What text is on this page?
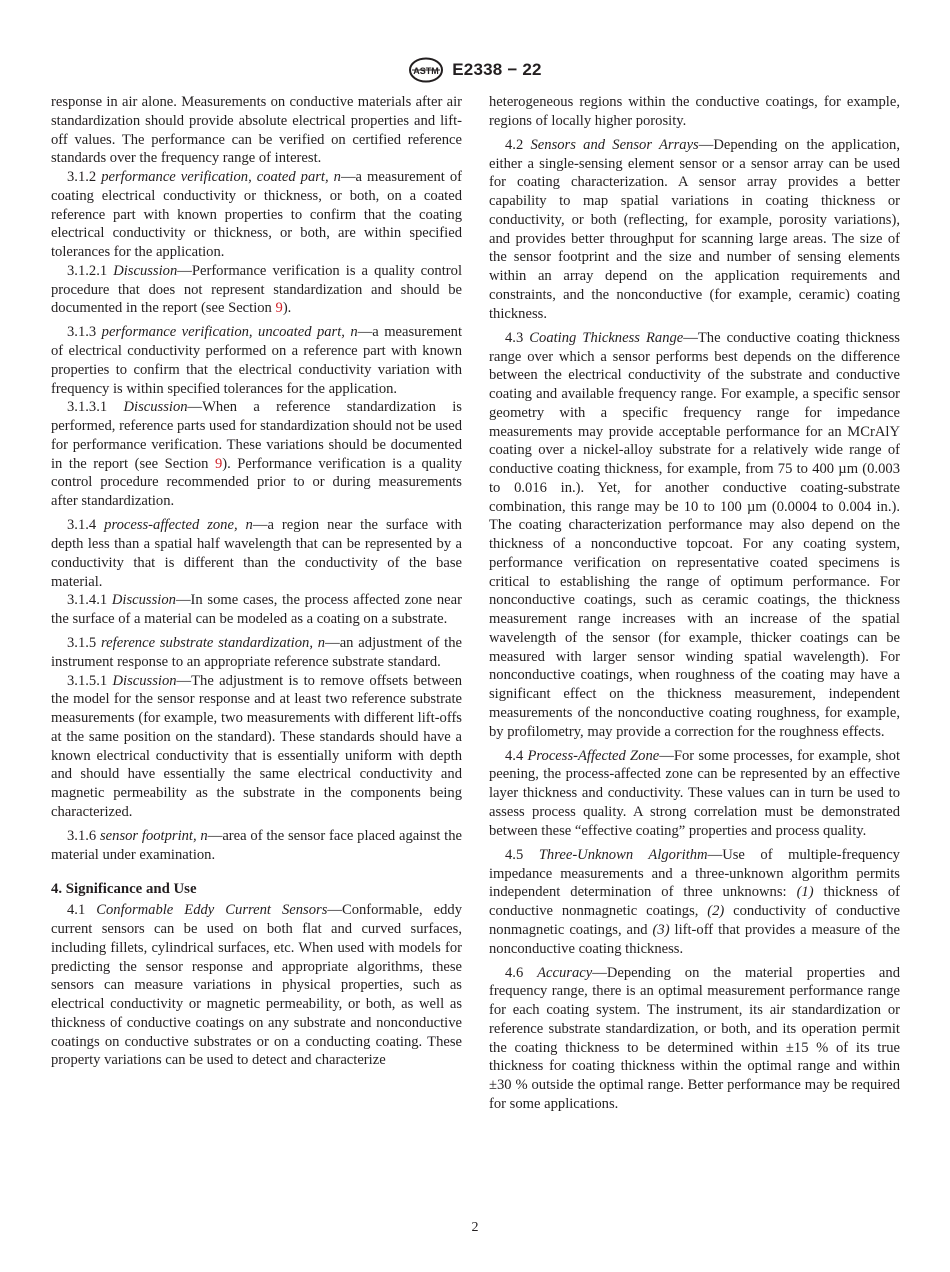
ASTM E2338 − 22

response in air alone. Measurements on conductive materials after air standardization should provide absolute electrical properties and lift-off values. The performance can be verified on certified reference standards over the frequency range of interest.

3.1.2 performance verification, coated part, n—a measurement of coating electrical conductivity or thickness, or both, on a coated reference part with known properties to confirm that the coating electrical conductivity or thickness, or both, are within specified tolerances for the application.

3.1.2.1 Discussion—Performance verification is a quality control procedure that does not represent standardization and should be documented in the report (see Section 9).

3.1.3 performance verification, uncoated part, n—a measurement of electrical conductivity performed on a reference part with known properties to confirm that the electrical conductivity variation with frequency is within specified tolerances for the application.

3.1.3.1 Discussion—When a reference standardization is performed, reference parts used for standardization should not be used for performance verification. These variations should be documented in the report (see Section 9). Performance verification is a quality control procedure recommended prior to or during measurements after standardization.

3.1.4 process-affected zone, n—a region near the surface with depth less than a spatial half wavelength that can be represented by a conductivity that is different than the conductivity of the base material.

3.1.4.1 Discussion—In some cases, the process affected zone near the surface of a material can be modeled as a coating on a substrate.

3.1.5 reference substrate standardization, n—an adjustment of the instrument response to an appropriate reference substrate standard.

3.1.5.1 Discussion—The adjustment is to remove offsets between the model for the sensor response and at least two reference substrate measurements (for example, two measurements with different lift-offs at the same position on the standard). These standards should have a known electrical conductivity that is essentially uniform with depth and should have essentially the same electrical conductivity and magnetic permeability as the substrate in the components being characterized.

3.1.6 sensor footprint, n—area of the sensor face placed against the material under examination.

4. Significance and Use

4.1 Conformable Eddy Current Sensors—Conformable, eddy current sensors can be used on both flat and curved surfaces, including fillets, cylindrical surfaces, etc. When used with models for predicting the sensor response and appropriate algorithms, these sensors can measure variations in physical properties, such as electrical conductivity or magnetic permeability, or both, as well as thickness of conductive coatings on any substrate and nonconductive coatings on conductive substrates or on a conducting coating. These property variations can be used to detect and characterize

heterogeneous regions within the conductive coatings, for example, regions of locally higher porosity.

4.2 Sensors and Sensor Arrays—Depending on the application, either a single-sensing element sensor or a sensor array can be used for coating characterization. A sensor array provides a better capability to map spatial variations in coating thickness or conductivity, or both (reflecting, for example, porosity variations), and provides better throughput for scanning large areas. The size of the sensor footprint and the size and number of sensing elements within an array depend on the application requirements and constraints, and the nonconductive (for example, ceramic) coating thickness.

4.3 Coating Thickness Range—The conductive coating thickness range over which a sensor performs best depends on the difference between the electrical conductivity of the substrate and conductive coating and available frequency range. For example, a specific sensor geometry with a specific frequency range for impedance measurements may provide acceptable performance for an MCrAlY coating over a nickel-alloy substrate for a relatively wide range of conductive coating thickness, for example, from 75 to 400 µm (0.003 to 0.016 in.). Yet, for another conductive coating-substrate combination, this range may be 10 to 100 µm (0.0004 to 0.004 in.). The coating characterization performance may also depend on the thickness of a nonconductive topcoat. For any coating system, performance verification on representative coated specimens is critical to establishing the range of optimum performance. For nonconductive coatings, such as ceramic coatings, the thickness measurement range increases with an increase of the spatial wavelength of the sensor (for example, thicker coatings can be measured with larger sensor winding spatial wavelength). For nonconductive coatings, when roughness of the coating may have a significant effect on the thickness measurement, independent measurements of the nonconductive coating roughness, for example, by profilometry, may provide a correction for the roughness effects.

4.4 Process-Affected Zone—For some processes, for example, shot peening, the process-affected zone can be represented by an effective layer thickness and conductivity. These values can in turn be used to assess process quality. A strong correlation must be demonstrated between these “effective coating” properties and process quality.

4.5 Three-Unknown Algorithm—Use of multiple-frequency impedance measurements and a three-unknown algorithm permits independent determination of three unknowns: (1) thickness of conductive nonmagnetic coatings, (2) conductivity of conductive nonmagnetic coatings, and (3) lift-off that provides a measure of the nonconductive coating thickness.

4.6 Accuracy—Depending on the material properties and frequency range, there is an optimal measurement performance range for each coating system. The instrument, its air standardization or reference substrate standardization, or both, and its operation permit the coating thickness to be determined within ±15 % of its true thickness for coating thickness within the optimal range and within ±30 % outside the optimal range. Better performance may be required for some applications.

2
